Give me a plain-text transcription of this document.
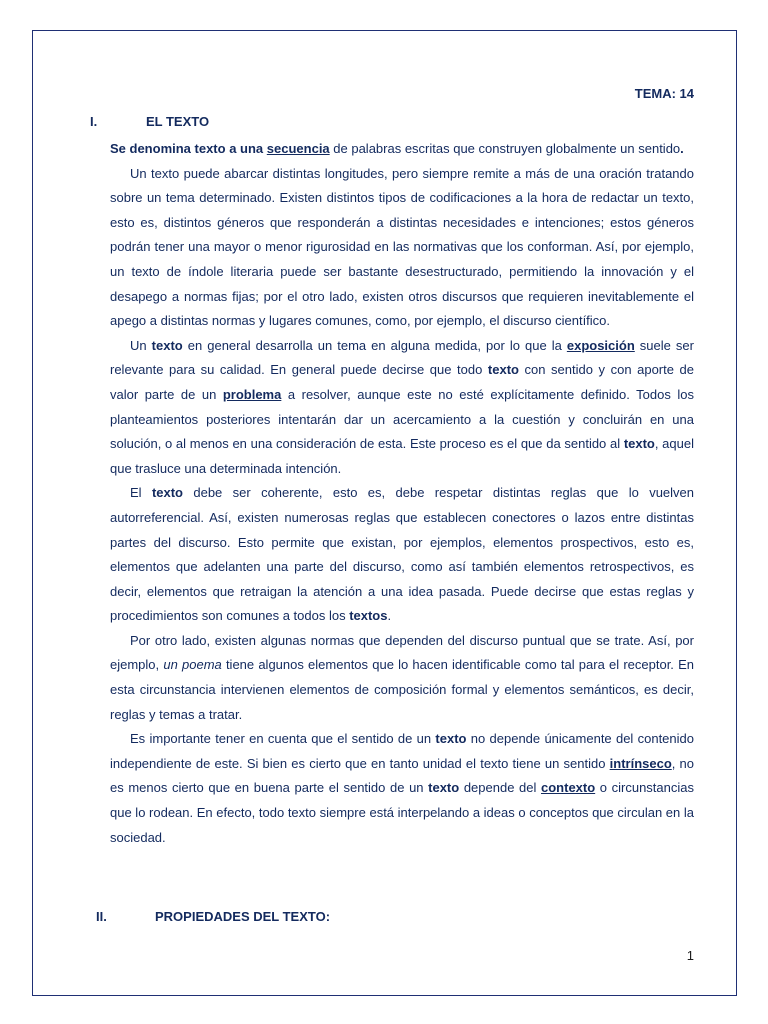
TEMA: 14
I.	EL TEXTO

Se denomina texto a una secuencia de palabras escritas que construyen globalmente un sentido.

Un texto puede abarcar distintas longitudes, pero siempre remite a más de una oración tratando sobre un tema determinado. Existen distintos tipos de codificaciones a la hora de redactar un texto, esto es, distintos géneros que responderán a distintas necesidades e intenciones; estos géneros podrán tener una mayor o menor rigurosidad en las normativas que los conforman. Así, por ejemplo, un texto de índole literaria puede ser bastante desestructurado, permitiendo la innovación y el desapego a normas fijas; por el otro lado, existen otros discursos que requieren inevitablemente el apego a distintas normas y lugares comunes, como, por ejemplo, el discurso científico.

Un texto en general desarrolla un tema en alguna medida, por lo que la exposición suele ser relevante para su calidad. En general puede decirse que todo texto con sentido y con aporte de valor parte de un problema a resolver, aunque este no esté explícitamente definido. Todos los planteamientos posteriores intentarán dar un acercamiento a la cuestión y concluirán en una solución, o al menos en una consideración de esta. Este proceso es el que da sentido al texto, aquel que trasluce una determinada intención.

El texto debe ser coherente, esto es, debe respetar distintas reglas que lo vuelven autorreferencial. Así, existen numerosas reglas que establecen conectores o lazos entre distintas partes del discurso. Esto permite que existan, por ejemplos, elementos prospectivos, esto es, elementos que adelanten una parte del discurso, como así también elementos retrospectivos, es decir, elementos que retraigan la atención a una idea pasada. Puede decirse que estas reglas y procedimientos son comunes a todos los textos.

Por otro lado, existen algunas normas que dependen del discurso puntual que se trate. Así, por ejemplo, un poema tiene algunos elementos que lo hacen identificable como tal para el receptor. En esta circunstancia intervienen elementos de composición formal y elementos semánticos, es decir, reglas y temas a tratar.

Es importante tener en cuenta que el sentido de un texto no depende únicamente del contenido independiente de este. Si bien es cierto que en tanto unidad el texto tiene un sentido intrínseco, no es menos cierto que en buena parte el sentido de un texto depende del contexto o circunstancias que lo rodean. En efecto, todo texto siempre está interpelando a ideas o conceptos que circulan en la sociedad.

II.	PROPIEDADES DEL TEXTO:
1
